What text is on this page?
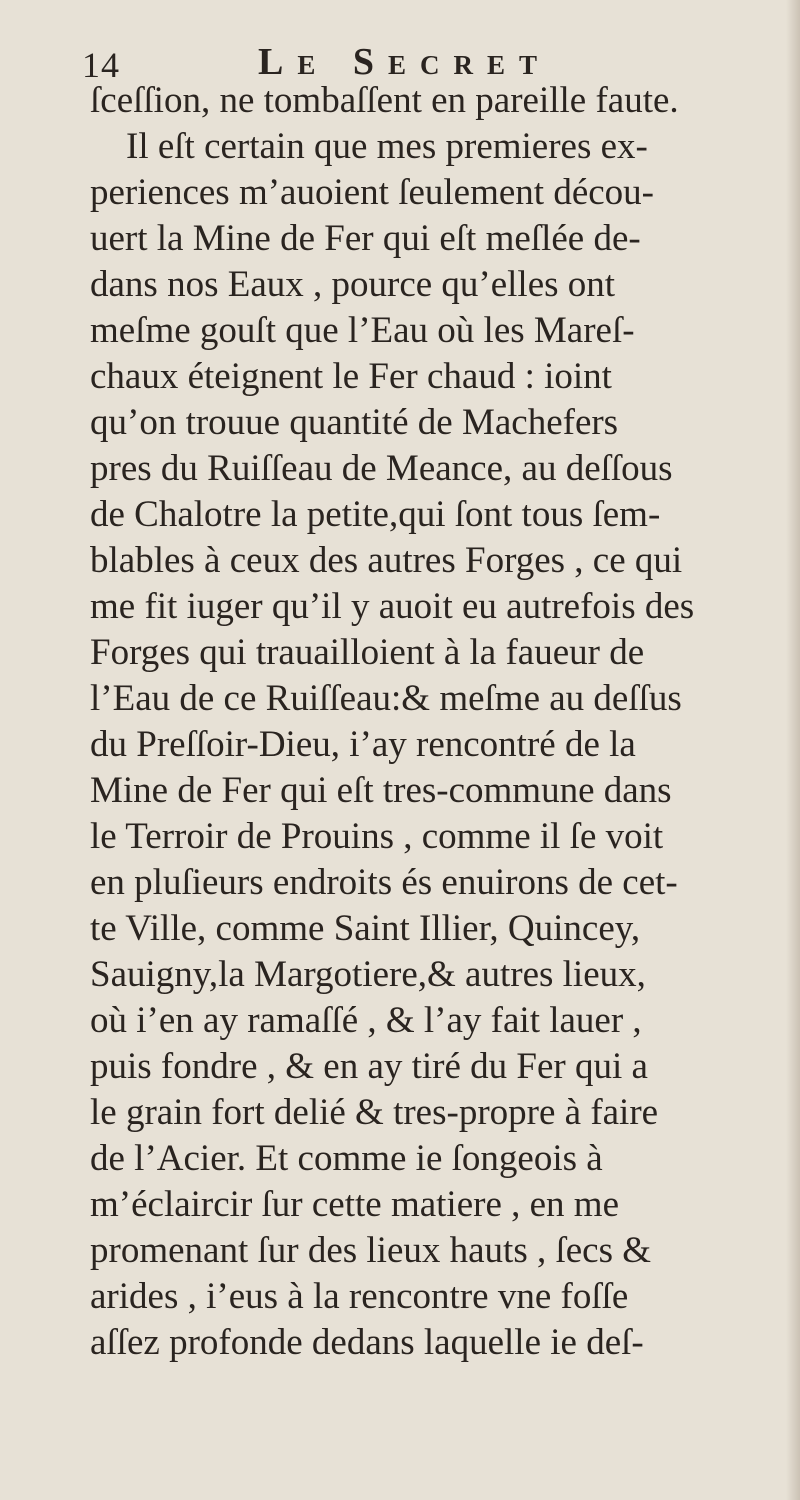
14	Le Secret
ſceſſion, ne tombaſſent en pareille faute.
Il eſt certain que mes premieres ex-
periences m’auoient ſeulement décou-
uert la Mine de Fer qui eſt meſlée de-
dans nos Eaux , pource qu’elles ont
meſme gouſt que l’Eau où les Mareſ-
chaux éteignent le Fer chaud : ioint
qu’on trouue quantité de Machefers
pres du Ruiſſeau de Meance, au deſſous
de Chalotre la petite,qui ſont tous ſem-
blables à ceux des autres Forges , ce qui
me fit iuger qu’il y auoit eu autrefois des
Forges qui trauailloient à la faueur de
l’Eau de ce Ruiſſeau:& meſme au deſſus
du Preſſoir-Dieu, i’ay rencontré de la
Mine de Fer qui eſt tres-commune dans
le Terroir de Prouins , comme il ſe voit
en pluſieurs endroits és enuirons de cet-
te Ville, comme Saint Illier, Quincey,
Sauigny,la Margotiere,& autres lieux,
où i’en ay ramaſſé , & l’ay fait lauer ,
puis fondre , & en ay tiré du Fer qui a
le grain fort delié & tres-propre à faire
de l’Acier. Et comme ie ſongeois à
m’éclaircir ſur cette matiere , en me
promenant ſur des lieux hauts , ſecs &
arides , i’eus à la rencontre vne foſſe
aſſez profonde dedans laquelle ie deſ-
